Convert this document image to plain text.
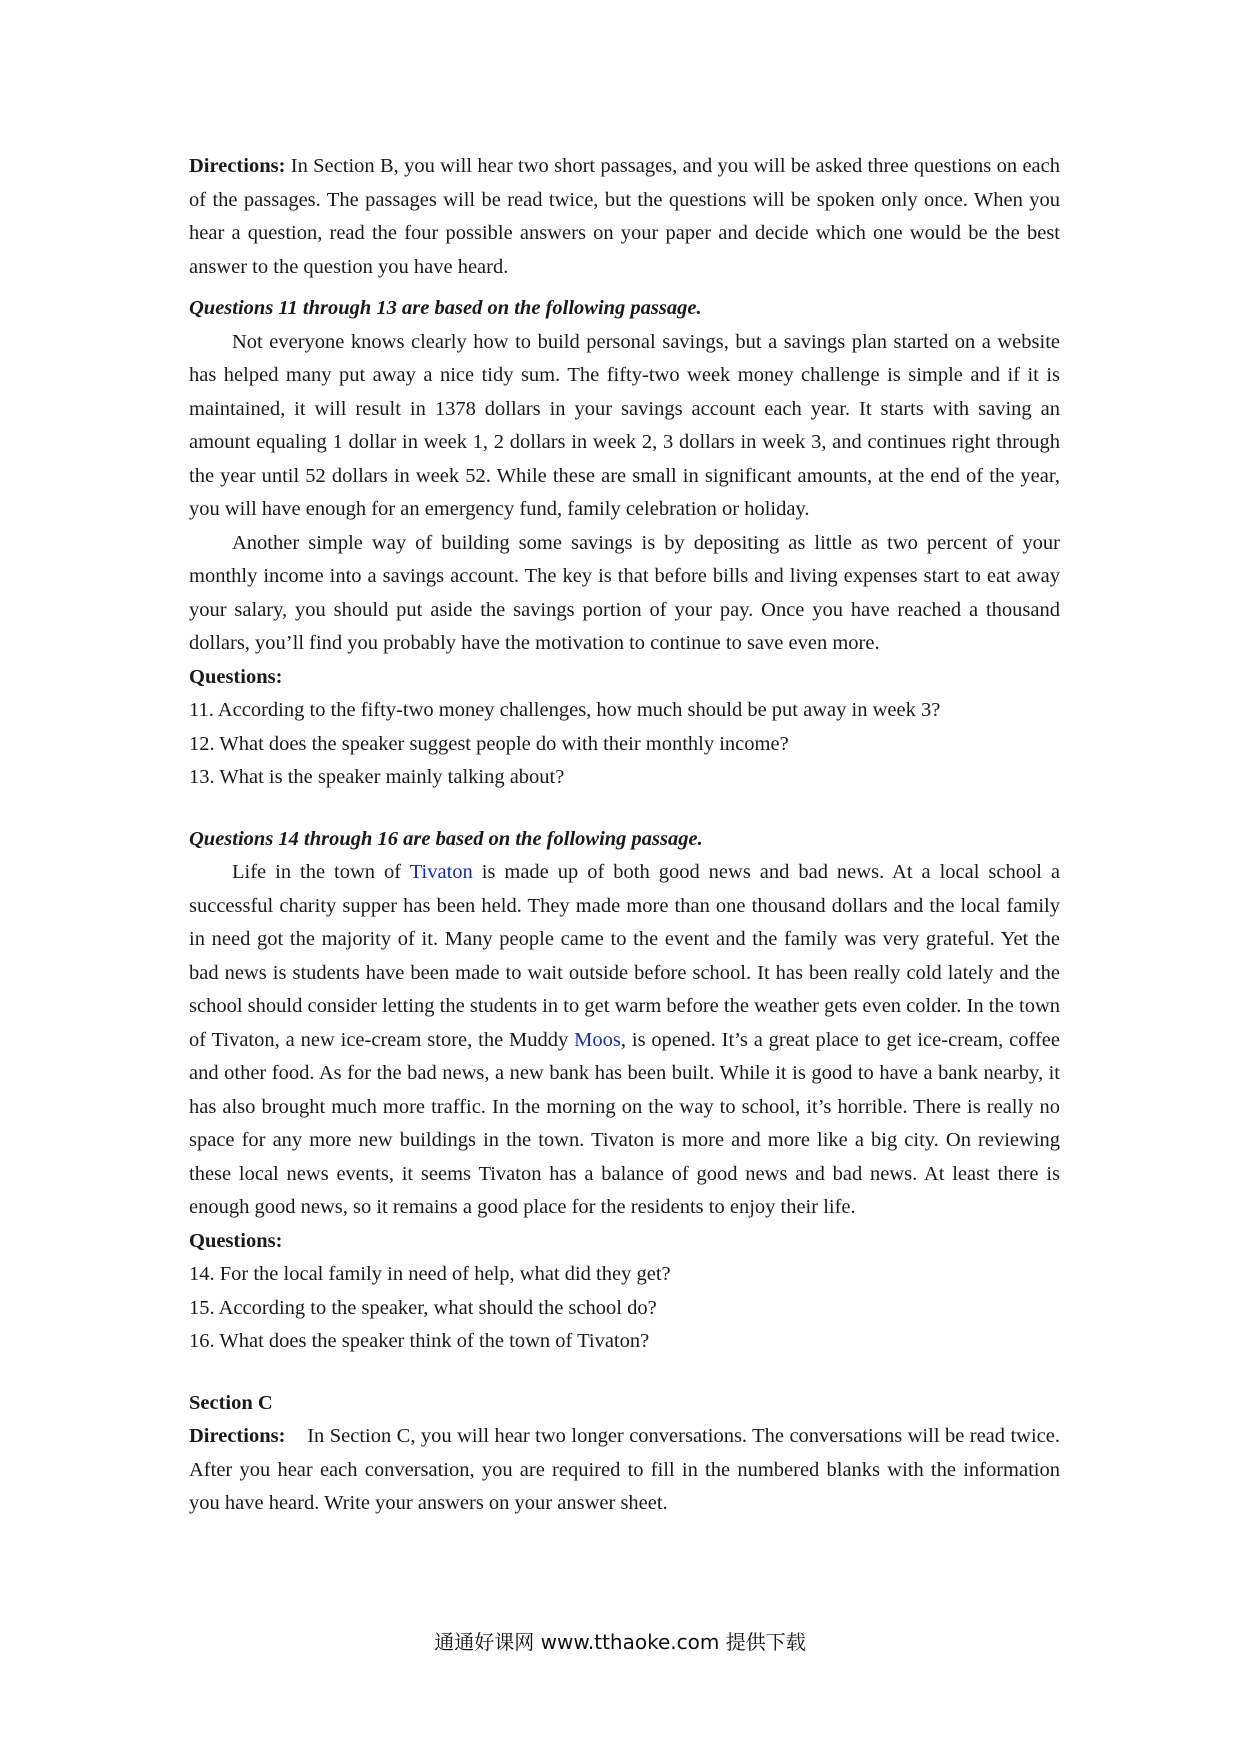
Directions: In Section B, you will hear two short passages, and you will be asked three questions on each of the passages. The passages will be read twice, but the questions will be spoken only once. When you hear a question, read the four possible answers on your paper and decide which one would be the best answer to the question you have heard.

Questions 11 through 13 are based on the following passage.

Not everyone knows clearly how to build personal savings, but a savings plan started on a website has helped many put away a nice tidy sum. The fifty-two week money challenge is simple and if it is maintained, it will result in 1378 dollars in your savings account each year. It starts with saving an amount equaling 1 dollar in week 1, 2 dollars in week 2, 3 dollars in week 3, and continues right through the year until 52 dollars in week 52. While these are small in significant amounts, at the end of the year, you will have enough for an emergency fund, family celebration or holiday.

Another simple way of building some savings is by depositing as little as two percent of your monthly income into a savings account. The key is that before bills and living expenses start to eat away your salary, you should put aside the savings portion of your pay. Once you have reached a thousand dollars, you’ll find you probably have the motivation to continue to save even more.

Questions:

11. According to the fifty-two money challenges, how much should be put away in week 3?

12. What does the speaker suggest people do with their monthly income?

13. What is the speaker mainly talking about?

Questions 14 through 16 are based on the following passage.

Life in the town of Tivaton is made up of both good news and bad news. At a local school a successful charity supper has been held. They made more than one thousand dollars and the local family in need got the majority of it. Many people came to the event and the family was very grateful. Yet the bad news is students have been made to wait outside before school. It has been really cold lately and the school should consider letting the students in to get warm before the weather gets even colder. In the town of Tivaton, a new ice-cream store, the Muddy Moos, is opened. It’s a great place to get ice-cream, coffee and other food. As for the bad news, a new bank has been built. While it is good to have a bank nearby, it has also brought much more traffic. In the morning on the way to school, it’s horrible. There is really no space for any more new buildings in the town. Tivaton is more and more like a big city. On reviewing these local news events, it seems Tivaton has a balance of good news and bad news. At least there is enough good news, so it remains a good place for the residents to enjoy their life.

Questions:

14. For the local family in need of help, what did they get?

15. According to the speaker, what should the school do?

16. What does the speaker think of the town of Tivaton?

Section C

Directions:    In Section C, you will hear two longer conversations. The conversations will be read twice. After you hear each conversation, you are required to fill in the numbered blanks with the information you have heard. Write your answers on your answer sheet.

通通好课网 www.tthaoke.com 提供下载
